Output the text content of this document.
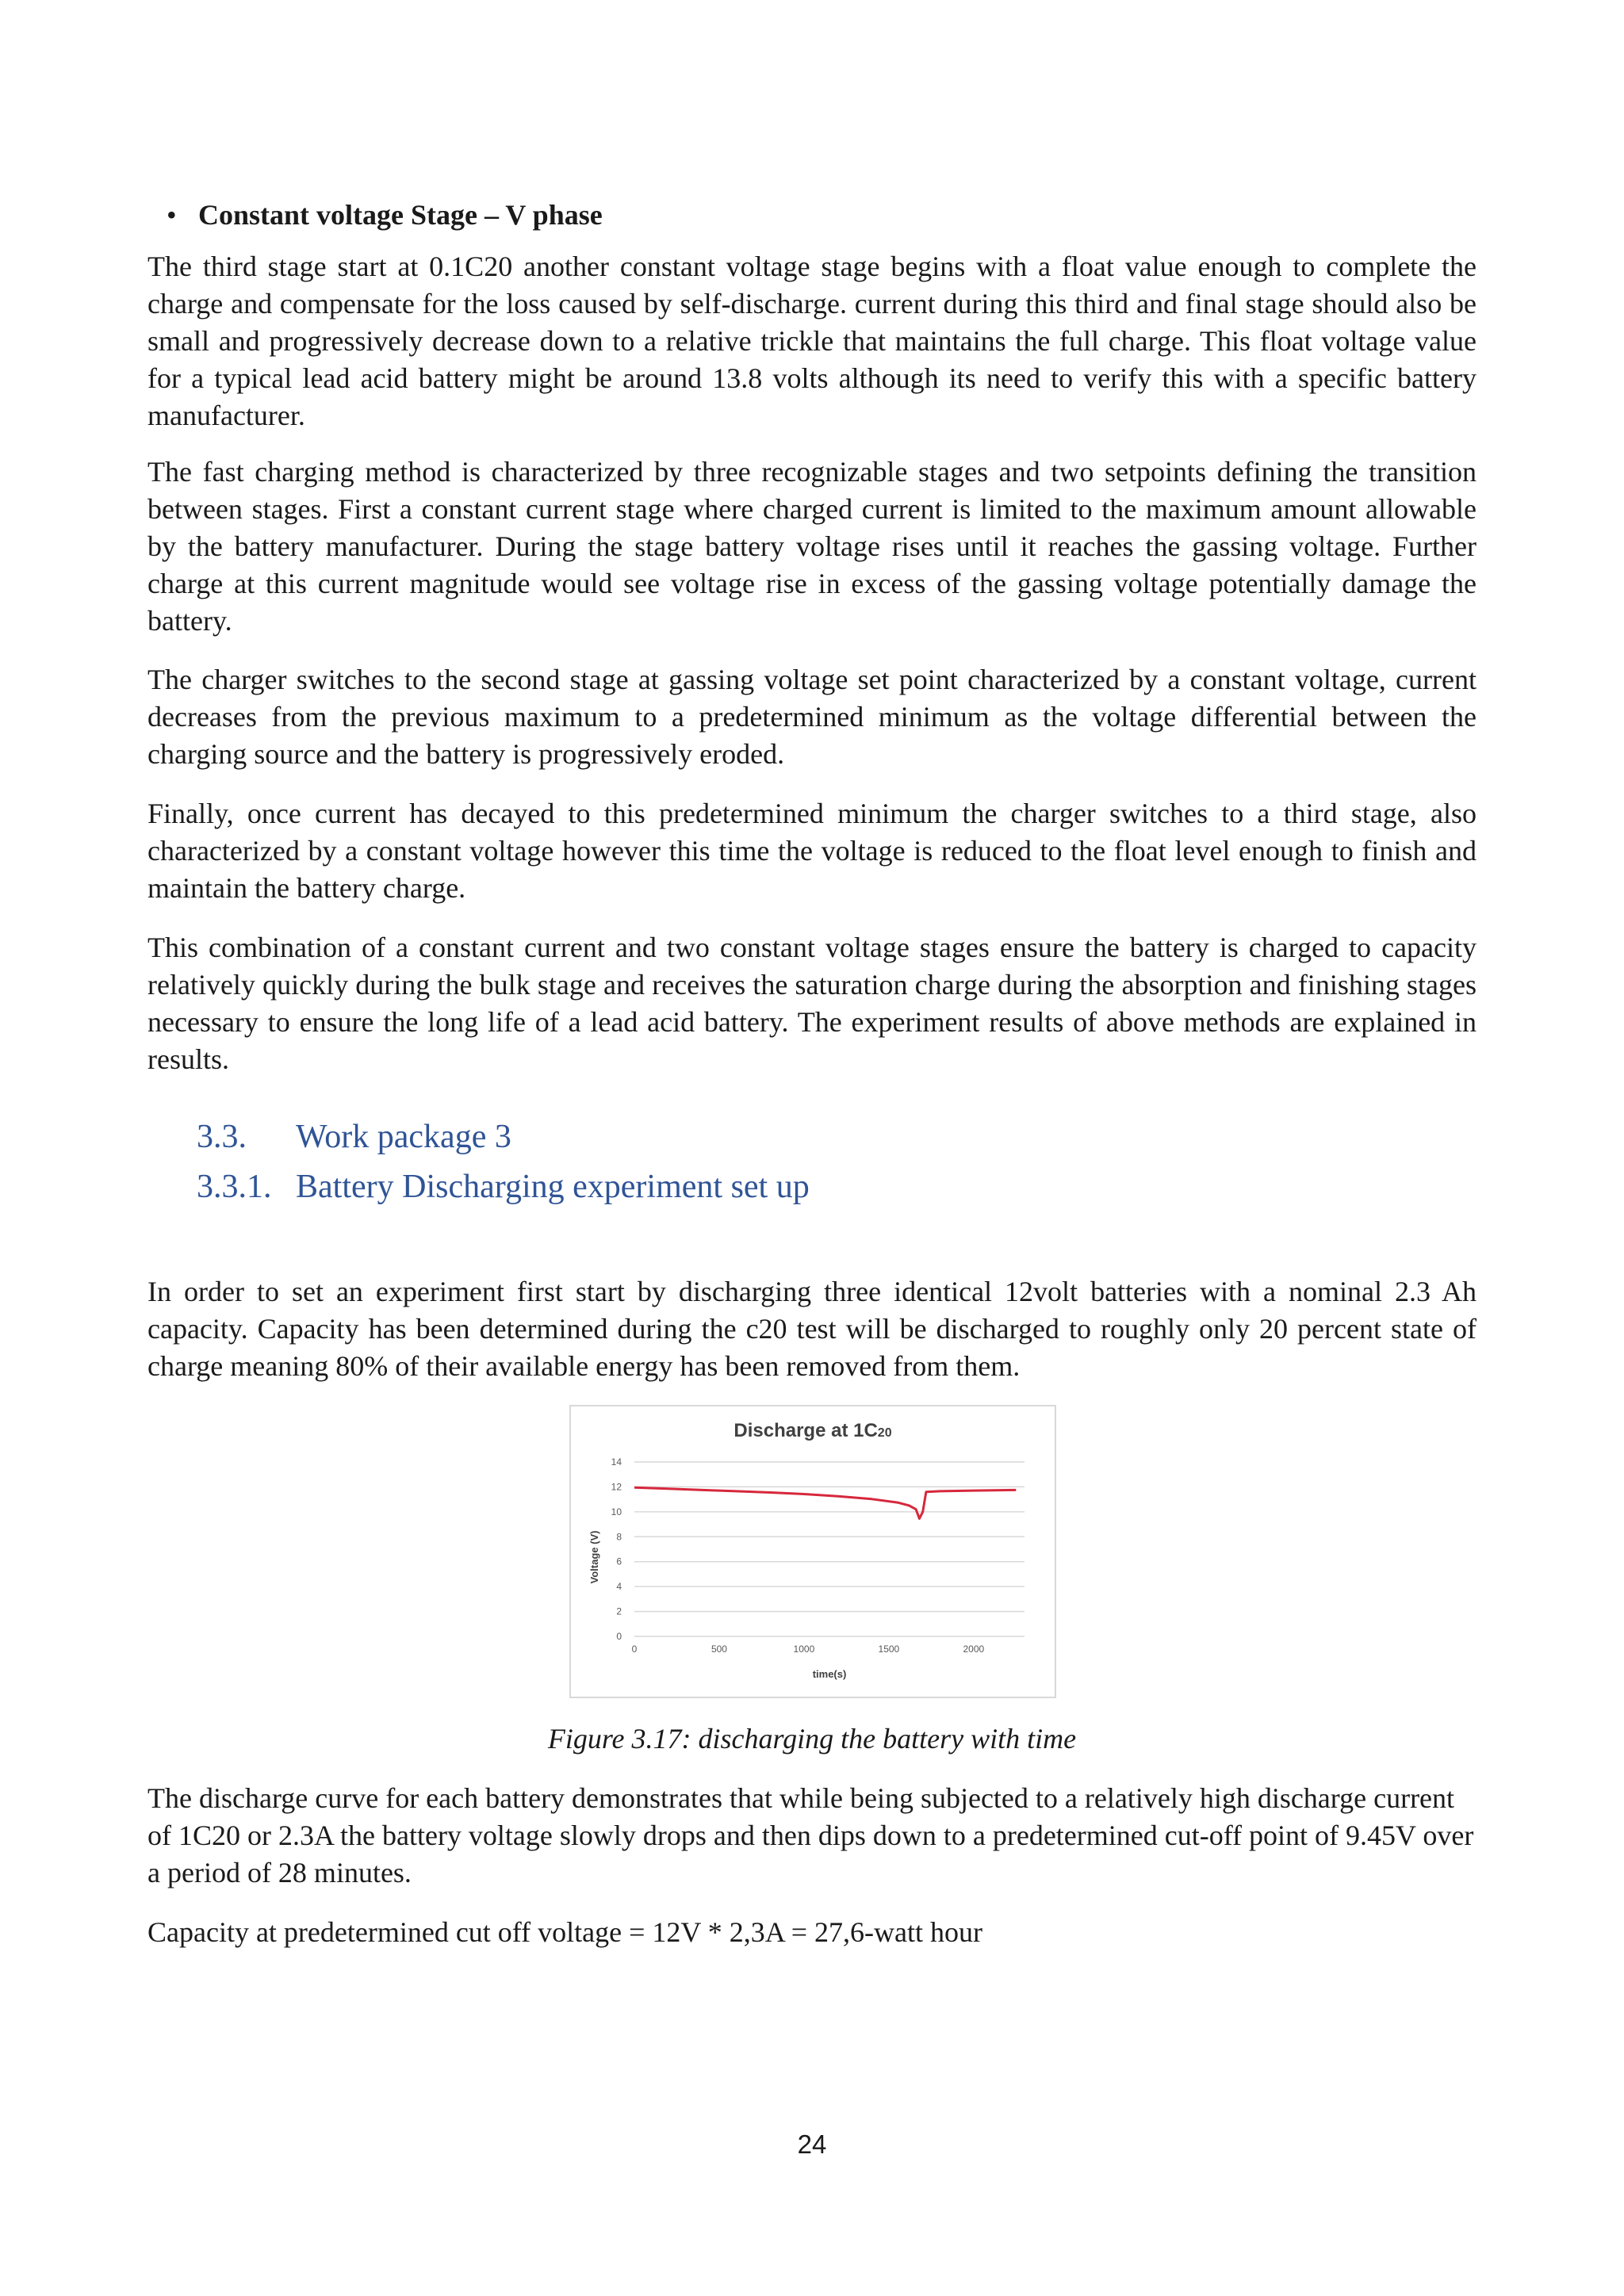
• Constant voltage Stage – V phase

The third stage start at 0.1C20 another constant voltage stage begins with a float value enough to complete the charge and compensate for the loss caused by self-discharge. current during this third and final stage should also be small and progressively decrease down to a relative trickle that maintains the full charge. This float voltage value for a typical lead acid battery might be around 13.8 volts although its need to verify this with a specific battery manufacturer.

The fast charging method is characterized by three recognizable stages and two setpoints defining the transition between stages. First a constant current stage where charged current is limited to the maximum amount allowable by the battery manufacturer. During the stage battery voltage rises until it reaches the gassing voltage. Further charge at this current magnitude would see voltage rise in excess of the gassing voltage potentially damage the battery.

The charger switches to the second stage at gassing voltage set point characterized by a constant voltage, current decreases from the previous maximum to a predetermined minimum as the voltage differential between the charging source and the battery is progressively eroded.

Finally, once current has decayed to this predetermined minimum the charger switches to a third stage, also characterized by a constant voltage however this time the voltage is reduced to the float level enough to finish and maintain the battery charge.

This combination of a constant current and two constant voltage stages ensure the battery is charged to capacity relatively quickly during the bulk stage and receives the saturation charge during the absorption and finishing stages necessary to ensure the long life of a lead acid battery. The experiment results of above methods are explained in results.

3.3. Work package 3
3.3.1. Battery Discharging experiment set up

In order to set an experiment first start by discharging three identical 12volt batteries with a nominal 2.3 Ah capacity. Capacity has been determined during the c20 test will be discharged to roughly only 20 percent state of charge meaning 80% of their available energy has been removed from them.

Discharge at 1C20
0
2
4
6
8
10
12
14
0	500	1000	1500	2000
Voltage (V)
time(s)
Figure 3.17: discharging the battery with time

The discharge curve for each battery demonstrates that while being subjected to a relatively high discharge current of 1C20 or 2.3A the battery voltage slowly drops and then dips down to a predetermined cut-off point of 9.45V over a period of 28 minutes.

Capacity at predetermined cut off voltage = 12V * 2,3A = 27,6-watt hour

24
